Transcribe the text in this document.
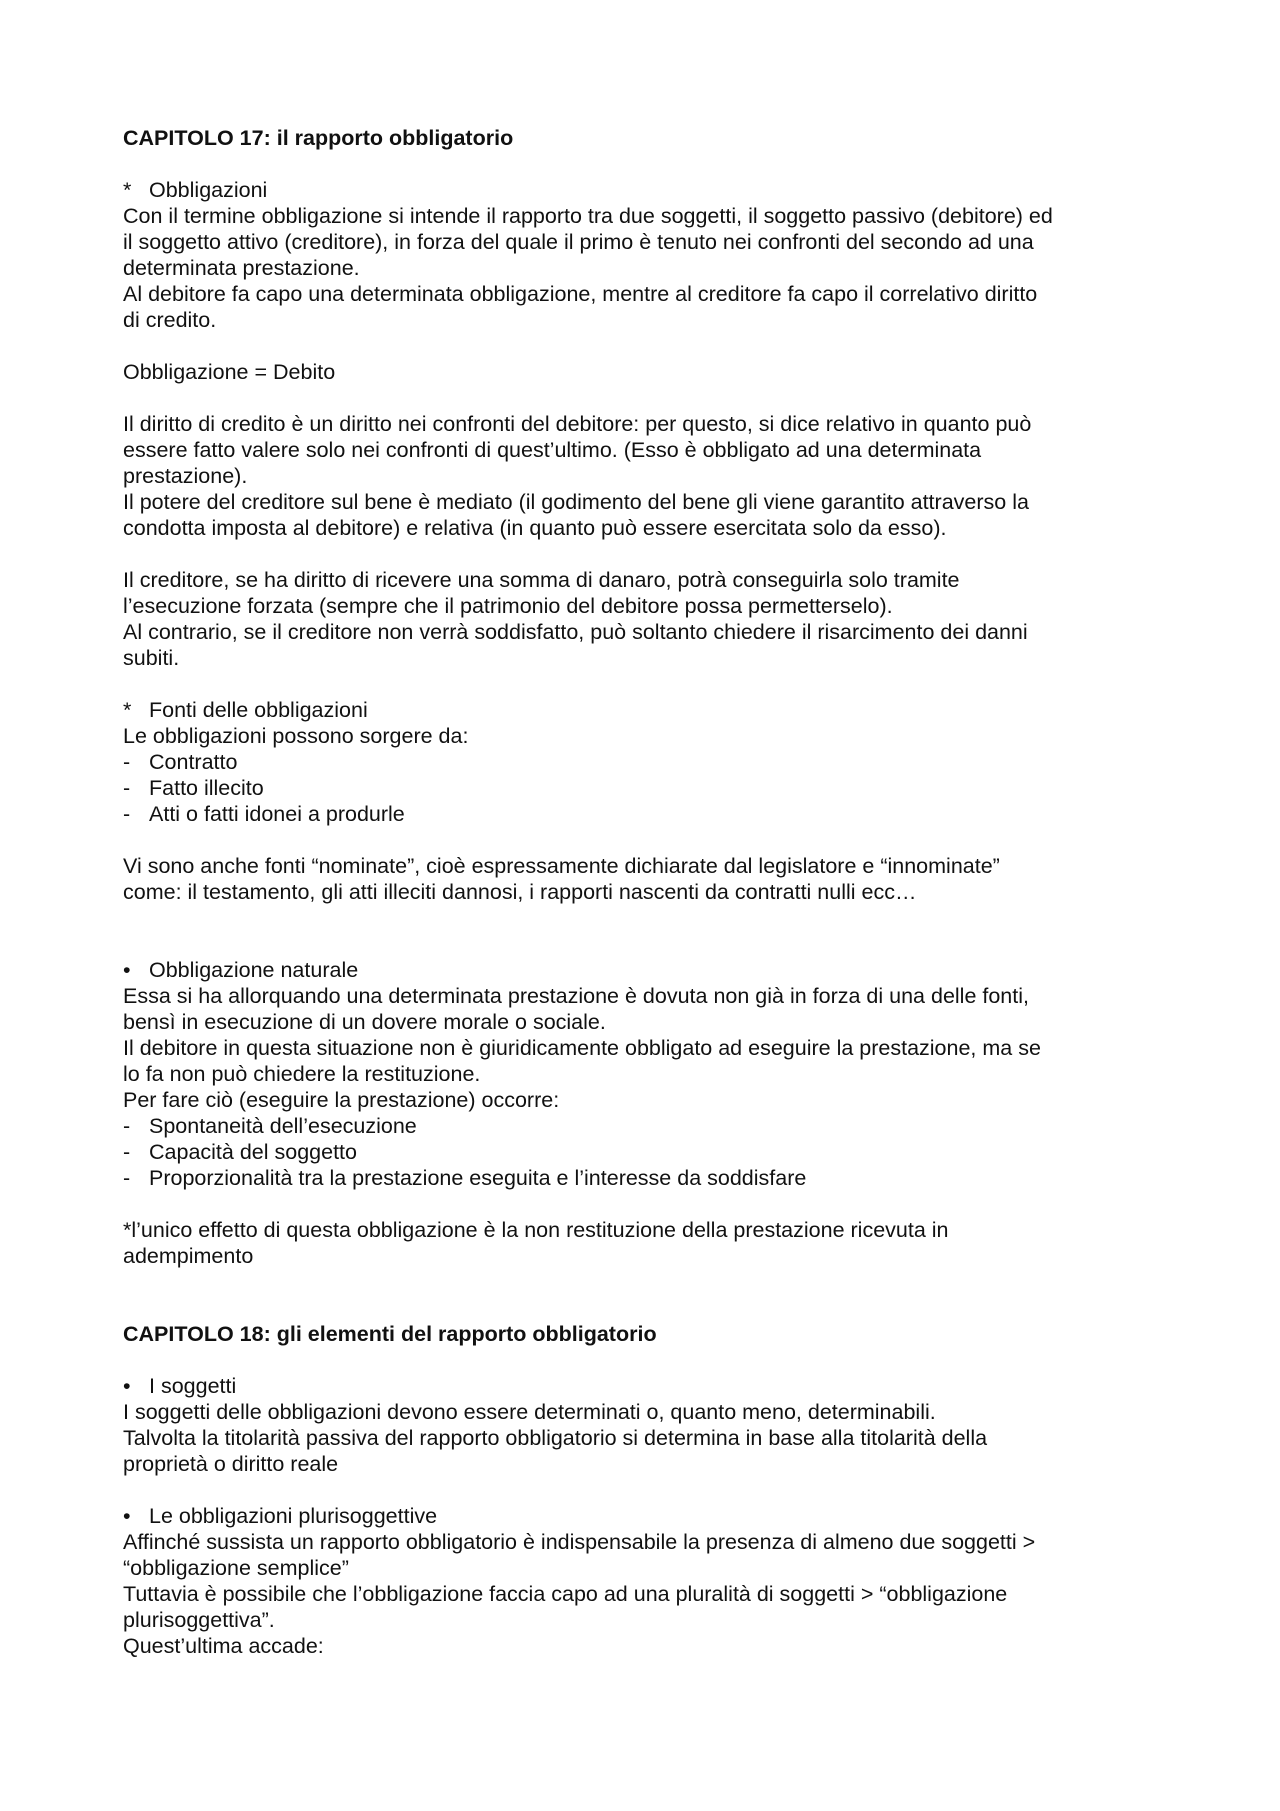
CAPITOLO 17: il rapporto obbligatorio
* Obbligazioni
Con il termine obbligazione si intende il rapporto tra due soggetti, il soggetto passivo (debitore) ed
il soggetto attivo (creditore), in forza del quale il primo è tenuto nei confronti del secondo ad una
determinata prestazione.
Al debitore fa capo una determinata obbligazione, mentre al creditore fa capo il correlativo diritto
di credito.
Obbligazione = Debito
Il diritto di credito è un diritto nei confronti del debitore: per questo, si dice relativo in quanto può
essere fatto valere solo nei confronti di quest’ultimo. (Esso è obbligato ad una determinata
prestazione).
Il potere del creditore sul bene è mediato (il godimento del bene gli viene garantito attraverso la
condotta imposta al debitore) e relativa (in quanto può essere esercitata solo da esso).
Il creditore, se ha diritto di ricevere una somma di danaro, potrà conseguirla solo tramite
l’esecuzione forzata (sempre che il patrimonio del debitore possa permetterselo).
Al contrario, se il creditore non verrà soddisfatto, può soltanto chiedere il risarcimento dei danni
subiti.
* Fonti delle obbligazioni
Le obbligazioni possono sorgere da:
- Contratto
- Fatto illecito
- Atti o fatti idonei a produrle
Vi sono anche fonti “nominate”, cioè espressamente dichiarate dal legislatore e “innominate”
come: il testamento, gli atti illeciti dannosi, i rapporti nascenti da contratti nulli ecc…
• Obbligazione naturale
Essa si ha allorquando una determinata prestazione è dovuta non già in forza di una delle fonti,
bensì in esecuzione di un dovere morale o sociale.
Il debitore in questa situazione non è giuridicamente obbligato ad eseguire la prestazione, ma se
lo fa non può chiedere la restituzione.
Per fare ciò (eseguire la prestazione) occorre:
- Spontaneità dell’esecuzione
- Capacità del soggetto
- Proporzionalità tra la prestazione eseguita e l’interesse da soddisfare
*l’unico effetto di questa obbligazione è la non restituzione della prestazione ricevuta in
adempimento
CAPITOLO 18: gli elementi del rapporto obbligatorio
• I soggetti
I soggetti delle obbligazioni devono essere determinati o, quanto meno, determinabili.
Talvolta la titolarità passiva del rapporto obbligatorio si determina in base alla titolarità della
proprietà o diritto reale
• Le obbligazioni plurisoggettive
Affinché sussista un rapporto obbligatorio è indispensabile la presenza di almeno due soggetti >
“obbligazione semplice”
Tuttavia è possibile che l’obbligazione faccia capo ad una pluralità di soggetti > “obbligazione
plurisoggettiva”.
Quest’ultima accade:
